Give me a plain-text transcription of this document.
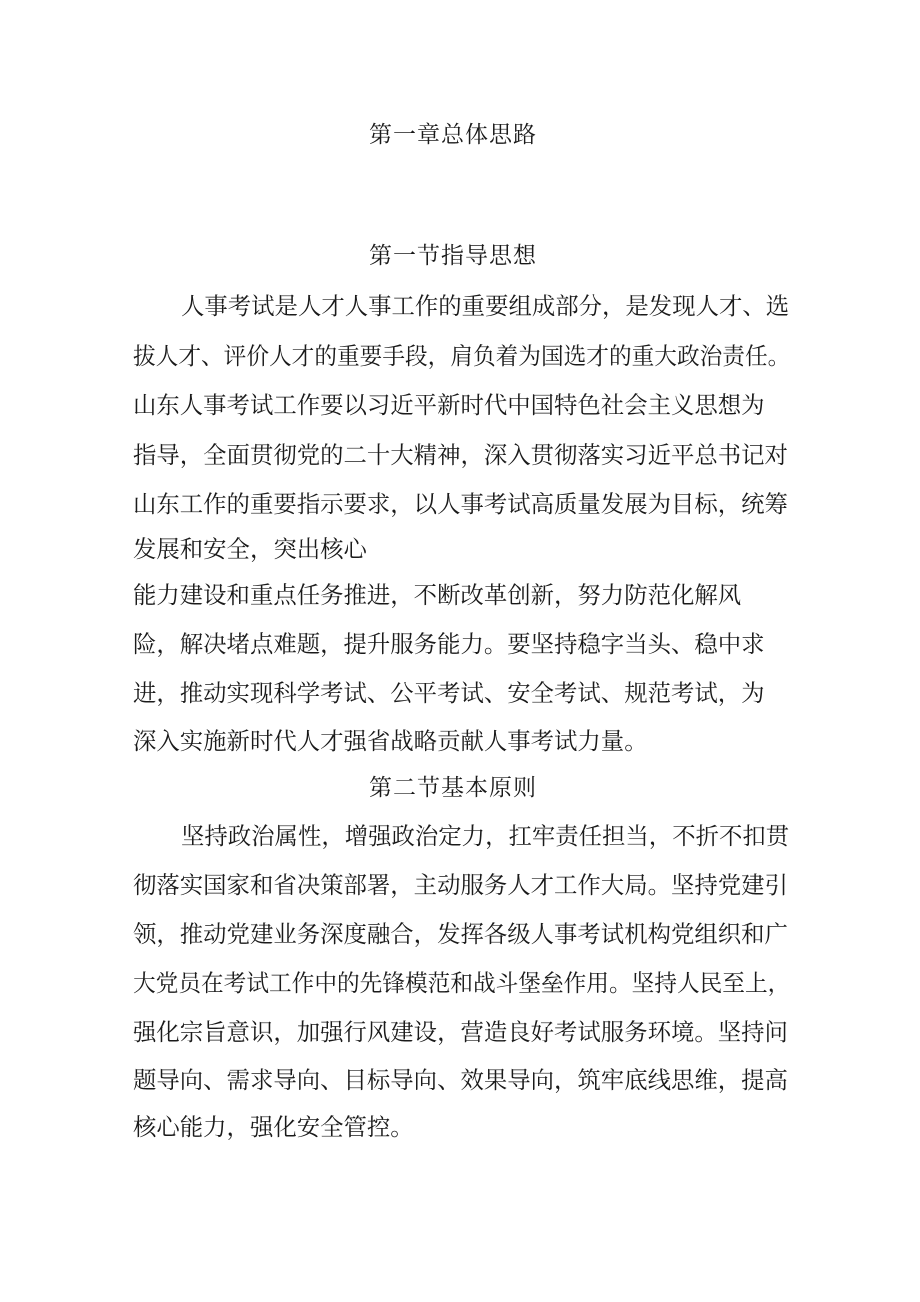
第一章总体思路
第一节指导思想
人事考试是人才人事工作的重要组成部分，是发现人才、选
拔人才、评价人才的重要手段，肩负着为国选才的重大政治责任。
山东人事考试工作要以习近平新时代中国特色社会主义思想为
指导，全面贯彻党的二十大精神，深入贯彻落实习近平总书记对
山东工作的重要指示要求，以人事考试高质量发展为目标，统筹
发展和安全，突出核心
能力建设和重点任务推进，不断改革创新，努力防范化解风
险，解决堵点难题，提升服务能力。要坚持稳字当头、稳中求
进，推动实现科学考试、公平考试、安全考试、规范考试，为
深入实施新时代人才强省战略贡献人事考试力量。
第二节基本原则
坚持政治属性，增强政治定力，扛牢责任担当，不折不扣贯
彻落实国家和省决策部署，主动服务人才工作大局。坚持党建引
领，推动党建业务深度融合，发挥各级人事考试机构党组织和广
大党员在考试工作中的先锋模范和战斗堡垒作用。坚持人民至上，
强化宗旨意识，加强行风建设，营造良好考试服务环境。坚持问
题导向、需求导向、目标导向、效果导向，筑牢底线思维，提高
核心能力，强化安全管控。
